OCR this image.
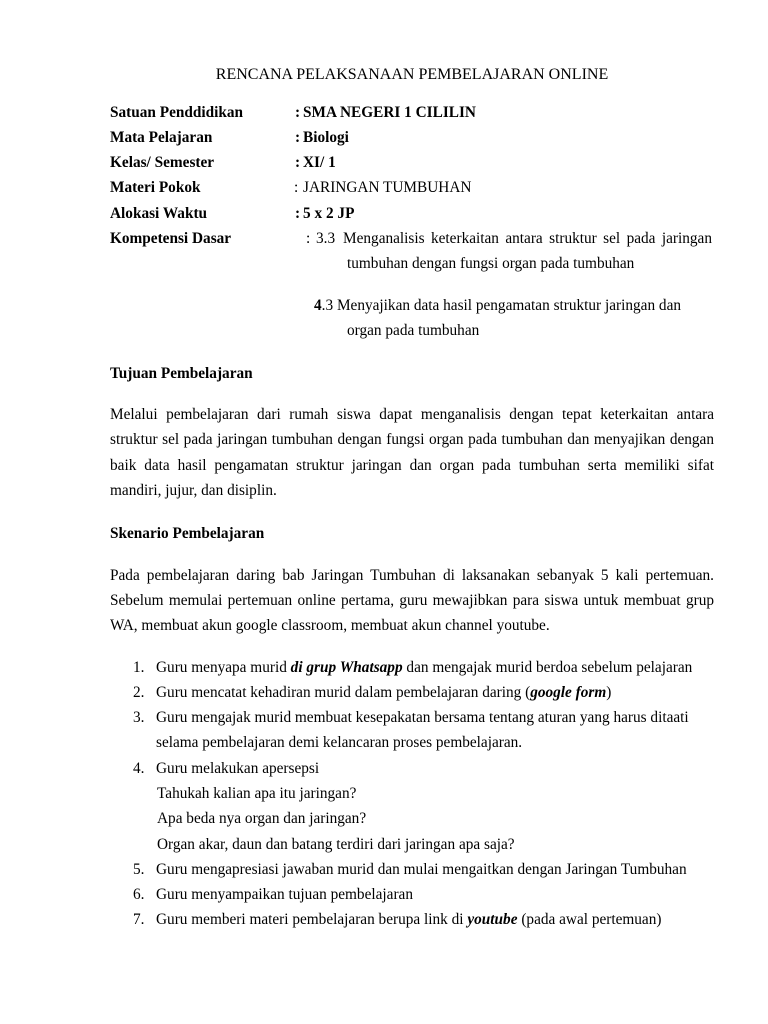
RENCANA PELAKSANAAN PEMBELAJARAN ONLINE
Satuan Penddidikan	: SMA NEGERI 1 CILILIN
Mata Pelajaran	: Biologi
Kelas/ Semester	: XI/ 1
Materi Pokok	: JARINGAN TUMBUHAN
Alokasi Waktu	: 5 x 2 JP
Kompetensi Dasar	: 3.3 Menganalisis keterkaitan antara struktur sel pada jaringan
tumbuhan dengan fungsi organ pada tumbuhan
4.3 Menyajikan data hasil pengamatan struktur jaringan dan
organ pada tumbuhan
Tujuan Pembelajaran
Melalui pembelajaran dari rumah siswa dapat menganalisis dengan tepat keterkaitan antara
struktur sel pada jaringan tumbuhan dengan fungsi organ pada tumbuhan dan menyajikan dengan
baik data hasil pengamatan struktur jaringan dan organ pada tumbuhan serta memiliki sifat
mandiri, jujur, dan disiplin.
Skenario Pembelajaran
Pada pembelajaran daring bab Jaringan Tumbuhan di laksanakan sebanyak 5 kali pertemuan.
Sebelum memulai pertemuan online pertama, guru mewajibkan para siswa untuk membuat grup
WA, membuat akun google classroom, membuat akun channel youtube.
1. Guru menyapa murid di grup Whatsapp dan mengajak murid berdoa sebelum pelajaran
2. Guru mencatat kehadiran murid dalam pembelajaran daring (google form)
3. Guru mengajak murid membuat kesepakatan bersama tentang aturan yang harus ditaati
selama pembelajaran demi kelancaran proses pembelajaran.
4. Guru melakukan apersepsi
Tahukah kalian apa itu jaringan?
Apa beda nya organ dan jaringan?
Organ akar, daun dan batang terdiri dari jaringan apa saja?
5. Guru mengapresiasi jawaban murid dan mulai mengaitkan dengan Jaringan Tumbuhan
6. Guru menyampaikan tujuan pembelajaran
7. Guru memberi materi pembelajaran berupa link di youtube (pada awal pertemuan)
